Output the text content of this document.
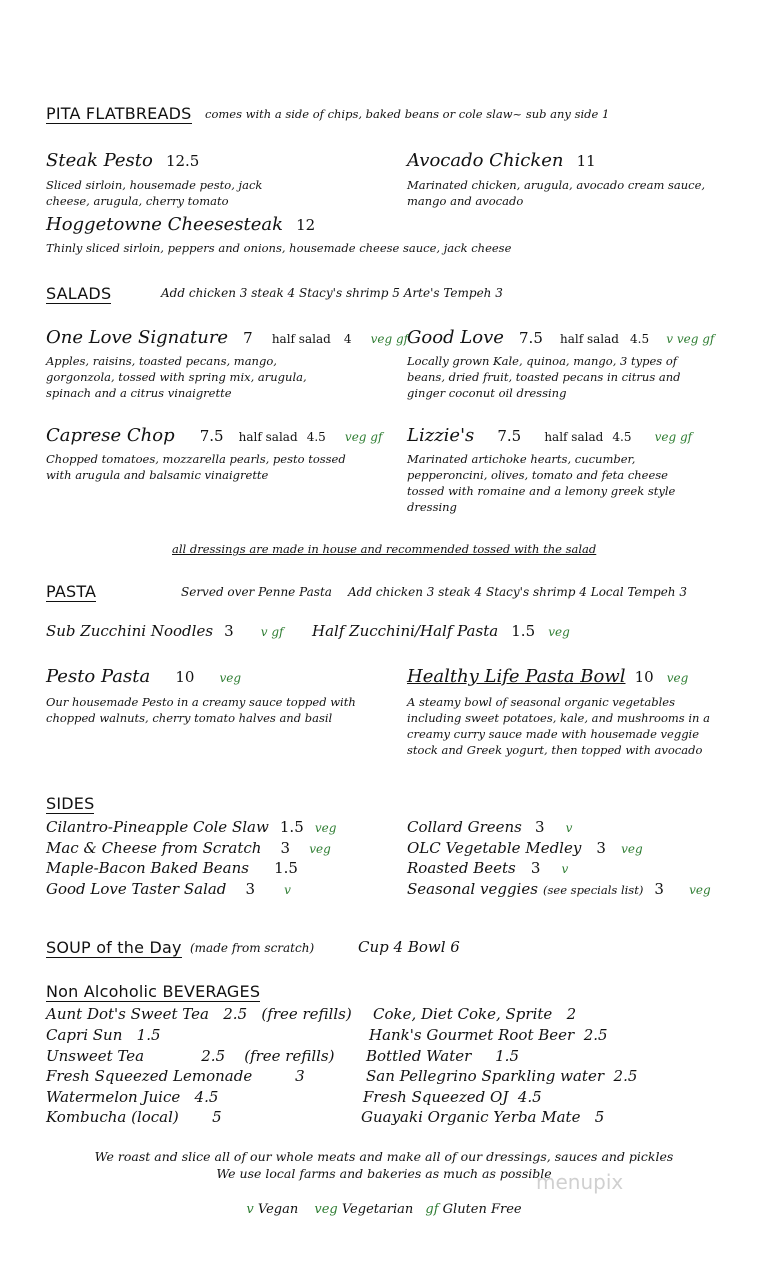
PITA FLATBREADS comes with a side of chips, baked beans or cole slaw~ sub any side 1
Steak Pesto 12.5
Sliced sirloin, housemade pesto, jack cheese, arugula, cherry tomato
Avocado Chicken 11
Marinated chicken, arugula, avocado cream sauce, mango and avocado
Hoggetowne Cheesesteak 12
Thinly sliced sirloin, peppers and onions, housemade cheese sauce, jack cheese
SALADS	Add chicken 3 steak 4 Stacy's shrimp 5 Arte's Tempeh 3
One Love Signature 7 half salad 4 veg gf
Apples, raisins, toasted pecans, mango, gorgonzola, tossed with spring mix, arugula, spinach and a citrus vinaigrette
Good Love 7.5 half salad 4.5 v veg gf
Locally grown Kale, quinoa, mango, 3 types of beans, dried fruit, toasted pecans in citrus and ginger coconut oil dressing
Caprese Chop 7.5 half salad 4.5 veg gf
Chopped tomatoes, mozzarella pearls, pesto tossed with arugula and balsamic vinaigrette
Lizzie's 7.5 half salad 4.5 veg gf
Marinated artichoke hearts, cucumber, pepperoncini, olives, tomato and feta cheese tossed with romaine and a lemony greek style dressing
all dressings are made in house and recommended tossed with the salad
PASTA	Served over Penne Pasta Add chicken 3 steak 4 Stacy's shrimp 4 Local Tempeh 3
Sub Zucchini Noodles 3 v gf Half Zucchini/Half Pasta 1.5 veg
Pesto Pasta 10 veg
Our housemade Pesto in a creamy sauce topped with chopped walnuts, cherry tomato halves and basil
Healthy Life Pasta Bowl 10 veg
A steamy bowl of seasonal organic vegetables including sweet potatoes, kale, and mushrooms in a creamy curry sauce made with housemade veggie stock and Greek yogurt, then topped with avocado
SIDES
Cilantro-Pineapple Cole Slaw 1.5 veg
Mac & Cheese from Scratch 3 veg
Maple-Bacon Baked Beans 1.5
Good Love Taster Salad 3 v
Collard Greens 3 v
OLC Vegetable Medley 3 veg
Roasted Beets 3 v
Seasonal veggies (see specials list) 3 veg
SOUP of the Day (made from scratch)	Cup 4 Bowl 6
Non Alcoholic BEVERAGES
Aunt Dot's Sweet Tea   2.5   (free refills)
Capri Sun   1.5
Unsweet Tea            2.5    (free refills)
Fresh Squeezed Lemonade         3
Watermelon Juice   4.5
Kombucha (local)       5
Coke, Diet Coke, Sprite   2
Hank's Gourmet Root Beer  2.5
Bottled Water     1.5
San Pellegrino Sparkling water  2.5
Fresh Squeezed OJ  4.5
Guayaki Organic Yerba Mate   5
We roast and slice all of our whole meats and make all of our dressings, sauces and pickles
We use local farms and bakeries as much as possible
menupix
v Vegan veg Vegetarian gf Gluten Free
